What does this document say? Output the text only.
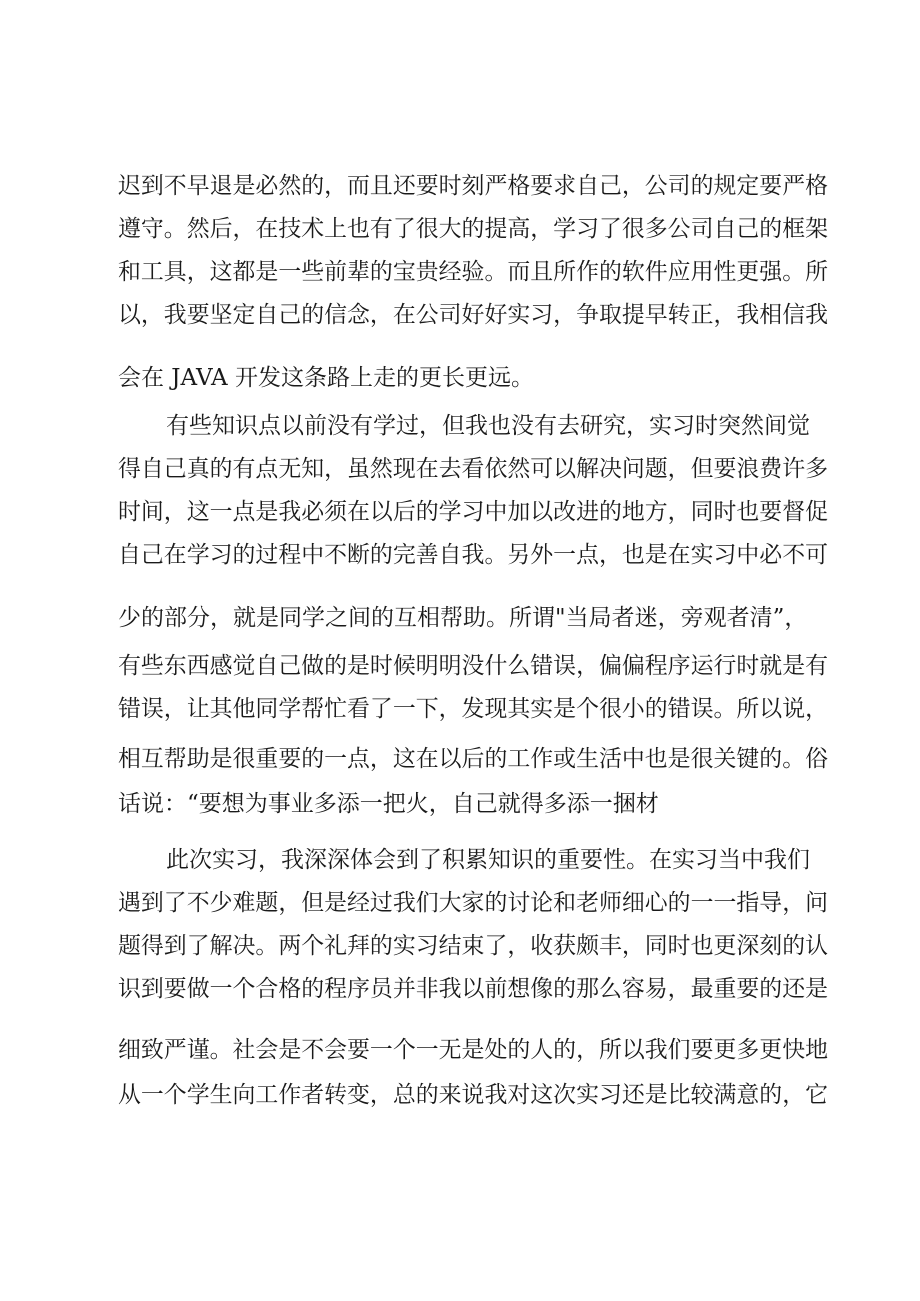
迟到不早退是必然的，而且还要时刻严格要求自己，公司的规定要严格
遵守。然后，在技术上也有了很大的提高，学习了很多公司自己的框架
和工具，这都是一些前辈的宝贵经验。而且所作的软件应用性更强。所
以，我要坚定自己的信念，在公司好好实习，争取提早转正，我相信我
会在 JAVA 开发这条路上走的更长更远。
有些知识点以前没有学过，但我也没有去研究，实习时突然间觉
得自己真的有点无知，虽然现在去看依然可以解决问题，但要浪费许多
时间，这一点是我必须在以后的学习中加以改进的地方，同时也要督促
自己在学习的过程中不断的完善自我。另外一点，也是在实习中必不可
少的部分，就是同学之间的互相帮助。所谓"当局者迷，旁观者清”，
有些东西感觉自己做的是时候明明没什么错误，偏偏程序运行时就是有
错误，让其他同学帮忙看了一下，发现其实是个很小的错误。所以说，
相互帮助是很重要的一点，这在以后的工作或生活中也是很关键的。俗
话说：“要想为事业多添一把火，自己就得多添一捆材
此次实习，我深深体会到了积累知识的重要性。在实习当中我们
遇到了不少难题，但是经过我们大家的讨论和老师细心的一一指导，问
题得到了解决。两个礼拜的实习结束了，收获颇丰，同时也更深刻的认
识到要做一个合格的程序员并非我以前想像的那么容易，最重要的还是
细致严谨。社会是不会要一个一无是处的人的，所以我们要更多更快地
从一个学生向工作者转变，总的来说我对这次实习还是比较满意的，它
